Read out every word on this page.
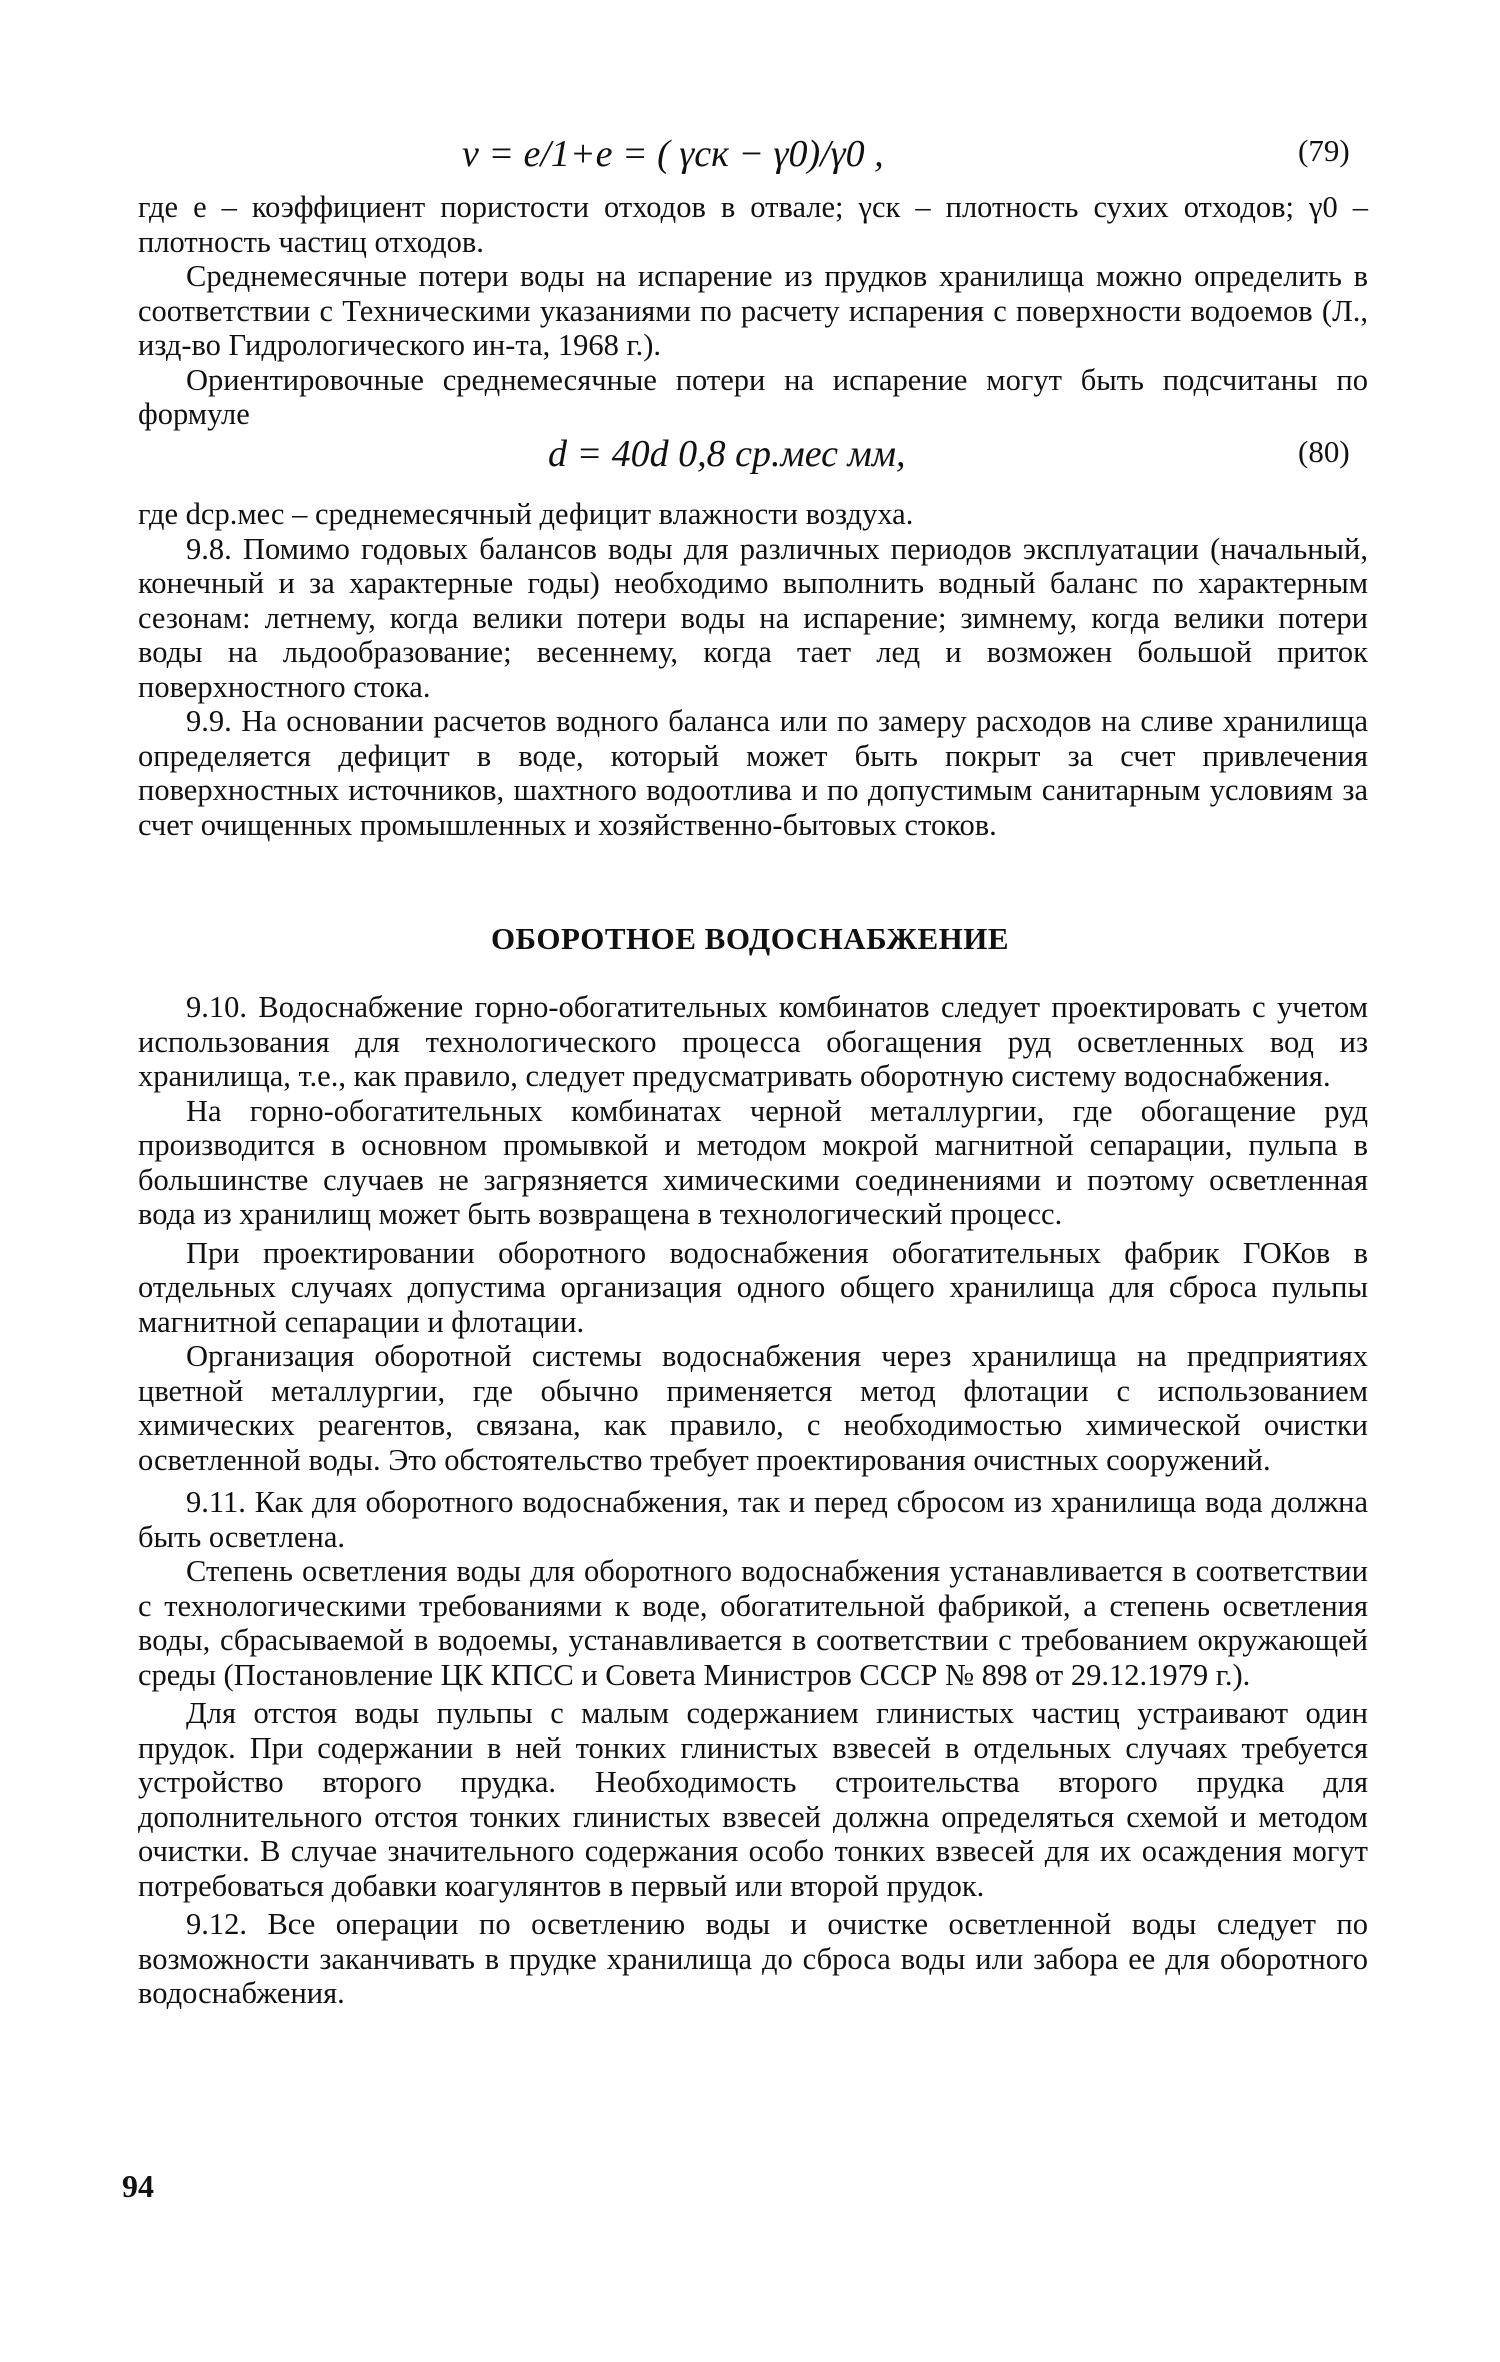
v = e/1+e = ( γск − γ0)/γ0 ,	(79)

где e – коэффициент пористости отходов в отвале; γск – плотность сухих отходов; γ0 – плотность частиц отходов.

Среднемесячные потери воды на испарение из прудков хранилища можно определить в соответствии с Техническими указаниями по расчету испарения с поверхности водоемов (Л., изд-во Гидрологического ин-та, 1968 г.).

Ориентировочные среднемесячные потери на испарение могут быть подсчитаны по формуле

d = 40d 0,8 ср.мес мм,	(80)

где dср.мес – среднемесячный дефицит влажности воздуха.

9.8. Помимо годовых балансов воды для различных периодов эксплуатации (начальный, конечный и за характерные годы) необходимо выполнить водный баланс по характерным сезонам: летнему, когда велики потери воды на испарение; зимнему, когда велики потери воды на льдообразование; весеннему, когда тает лед и возможен большой приток поверхностного стока.

9.9. На основании расчетов водного баланса или по замеру расходов на сливе хранилища определяется дефицит в воде, который может быть покрыт за счет привлечения поверхностных источников, шахтного водоотлива и по допустимым санитарным условиям за счет очищенных промышленных и хозяйственно-бытовых стоков.

ОБОРОТНОЕ ВОДОСНАБЖЕНИЕ

9.10. Водоснабжение горно-обогатительных комбинатов следует проектировать с учетом использования для технологического процесса обогащения руд осветленных вод из хранилища, т.е., как правило, следует предусматривать оборотную систему водоснабжения.

На горно-обогатительных комбинатах черной металлургии, где обогащение руд производится в основном промывкой и методом мокрой магнитной сепарации, пульпа в большинстве случаев не загрязняется химическими соединениями и поэтому осветленная вода из хранилищ может быть возвращена в технологический процесс.

При проектировании оборотного водоснабжения обогатительных фабрик ГОКов в отдельных случаях допустима организация одного общего хранилища для сброса пульпы магнитной сепарации и флотации.

Организация оборотной системы водоснабжения через хранилища на предприятиях цветной металлургии, где обычно применяется метод флотации с использованием химических реагентов, связана, как правило, с необходимостью химической очистки осветленной воды. Это обстоятельство требует проектирования очистных сооружений.

9.11. Как для оборотного водоснабжения, так и перед сбросом из хранилища вода должна быть осветлена.

Степень осветления воды для оборотного водоснабжения устанавливается в соответствии с технологическими требованиями к воде, обогатительной фабрикой, а степень осветления воды, сбрасываемой в водоемы, устанавливается в соответствии с требованием окружающей среды (Постановление ЦК КПСС и Совета Министров СССР № 898 от 29.12.1979 г.).

Для отстоя воды пульпы с малым содержанием глинистых частиц устраивают один прудок. При содержании в ней тонких глинистых взвесей в отдельных случаях требуется устройство второго прудка. Необходимость строительства второго прудка для дополнительного отстоя тонких глинистых взвесей должна определяться схемой и методом очистки. В случае значительного содержания особо тонких взвесей для их осаждения могут потребоваться добавки коагулянтов в первый или второй прудок.

9.12. Все операции по осветлению воды и очистке осветленной воды следует по возможности заканчивать в прудке хранилища до сброса воды или забора ее для оборотного водоснабжения.

94
